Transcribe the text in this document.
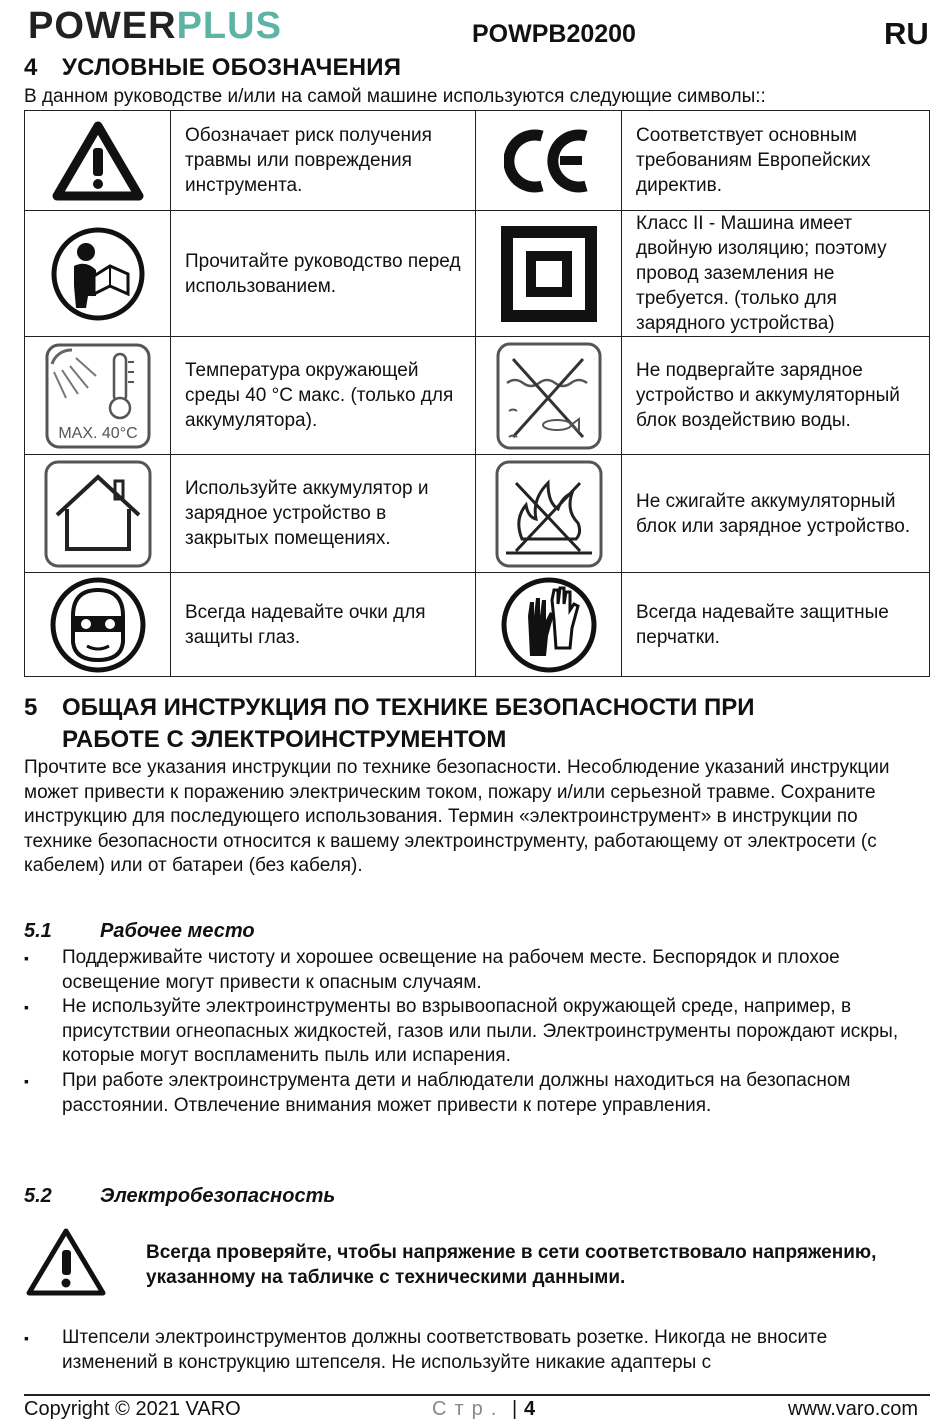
POWERPLUS	POWPB20200	RU
4 УСЛОВНЫЕ ОБОЗНАЧЕНИЯ
В данном руководстве и/или на самой машине используются следующие символы::
	Обозначает риск получения травмы или повреждения инструмента.		Соответствует основным требованиям Европейских директив.

	Прочитайте руководство перед использованием.		Класс II - Машина имеет двойную изоляцию; поэтому провод заземления не требуется. (только для зарядного устройства)

MAX. 40°C	Температура окружающей среды 40 °C макс. (только для аккумулятора).		Не подвергайте зарядное устройство и аккумуляторный блок воздействию воды.

	Используйте аккумулятор и зарядное устройство в закрытых помещениях.		Не сжигайте аккумуляторный блок или зарядное устройство.

	Всегда надевайте очки для защиты глаз.		Всегда надевайте защитные перчатки.
5 ОБЩАЯ ИНСТРУКЦИЯ ПО ТЕХНИКЕ БЕЗОПАСНОСТИ ПРИ
РАБОТЕ С ЭЛЕКТРОИНСТРУМЕНТОМ
Прочтите все указания инструкции по технике безопасности. Несоблюдение указаний инструкции может привести к поражению электрическим током, пожару и/или серьезной травме. Сохраните инструкцию для последующего использования. Термин «электроинструмент» в инструкции по технике безопасности относится к вашему электроинструменту, работающему от электросети (с кабелем) или от батареи (без кабеля).
5.1 Рабочее место
▪ Поддерживайте чистоту и хорошее освещение на рабочем месте. Беспорядок и плохое освещение могут привести к опасным случаям.
▪ Не используйте электроинструменты во взрывоопасной окружающей среде, например, в присутствии огнеопасных жидкостей, газов или пыли. Электроинструменты порождают искры, которые могут воспламенить пыль или испарения.
▪ При работе электроинструмента дети и наблюдатели должны находиться на безопасном расстоянии. Отвлечение внимания может привести к потере управления.
5.2 Электробезопасность
Всегда проверяйте, чтобы напряжение в сети соответствовало напряжению, указанному на табличке с техническими данными.
▪ Штепсели электроинструментов должны соответствовать розетке. Никогда не вносите изменений в конструкцию штепселя. Не используйте никакие адаптеры с
Copyright © 2021 VARO	Стр. | 4	www.varo.com
